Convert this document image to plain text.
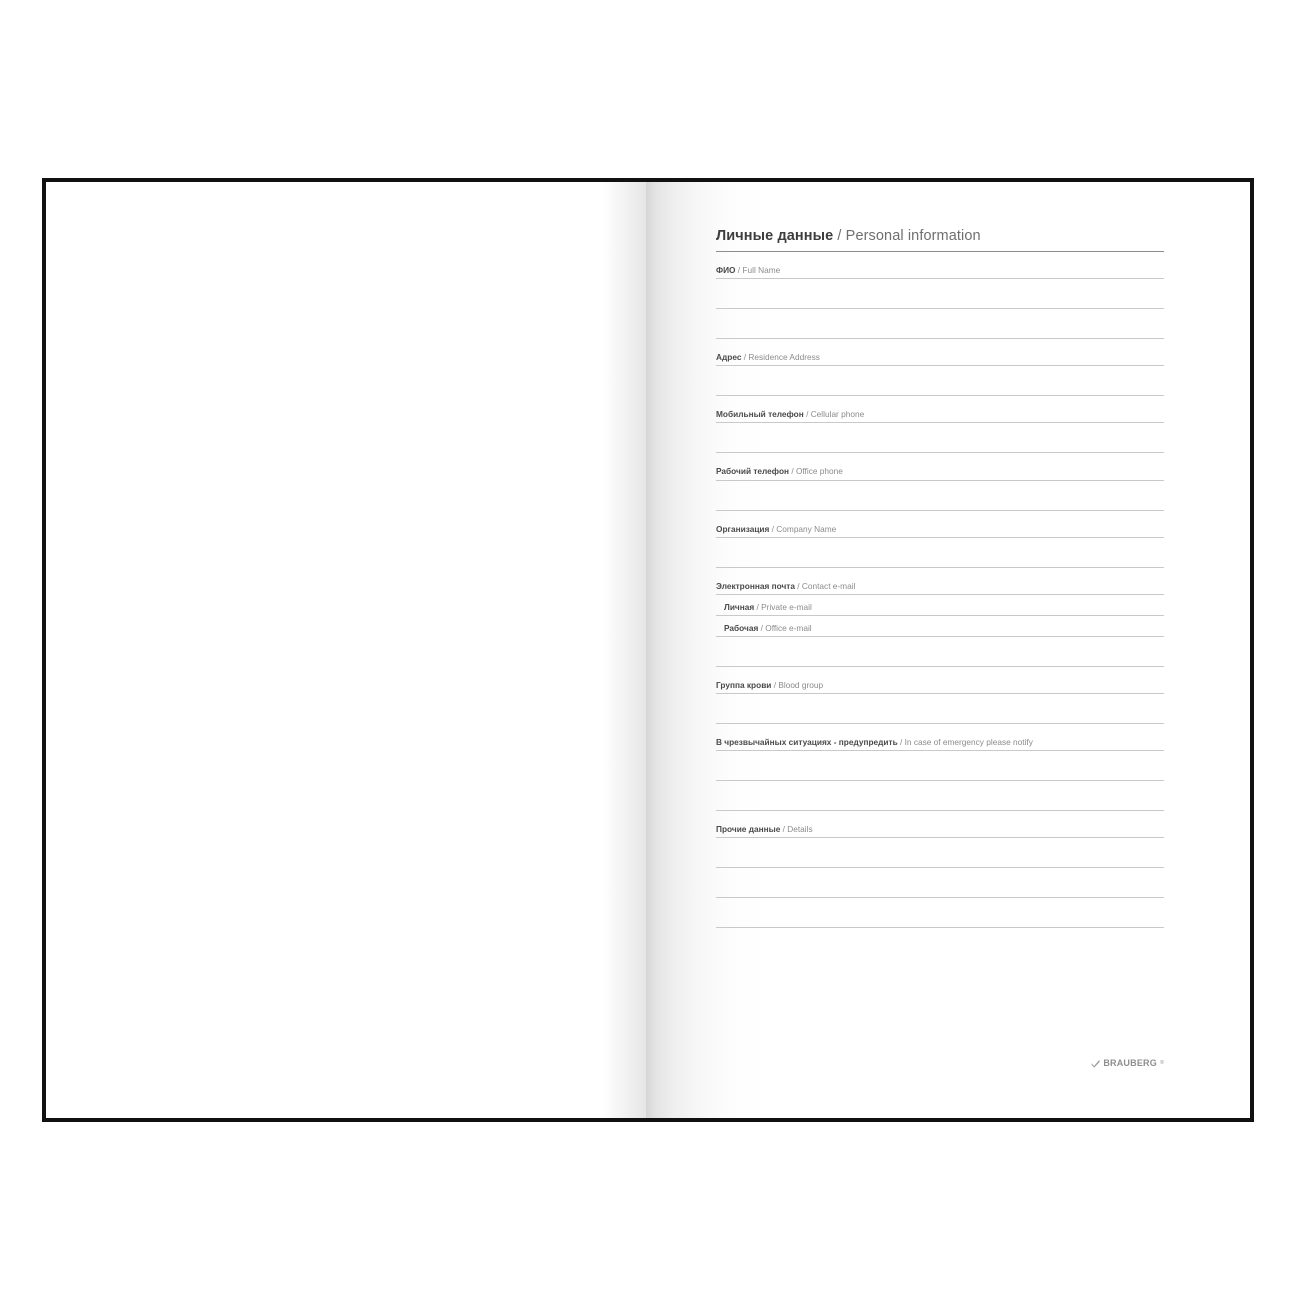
Личные данные / Personal information
ФИО / Full Name
Адрес / Residence Address
Мобильный телефон / Cellular phone
Рабочий телефон / Office phone
Организация / Company Name
Электронная почта / Contact e-mail
Личная / Private e-mail
Рабочая / Office e-mail
Группа крови / Blood group
В чрезвычайных ситуациях - предупредить / In case of emergency please notify
Прочие данные / Details
BRAUBERG ®
